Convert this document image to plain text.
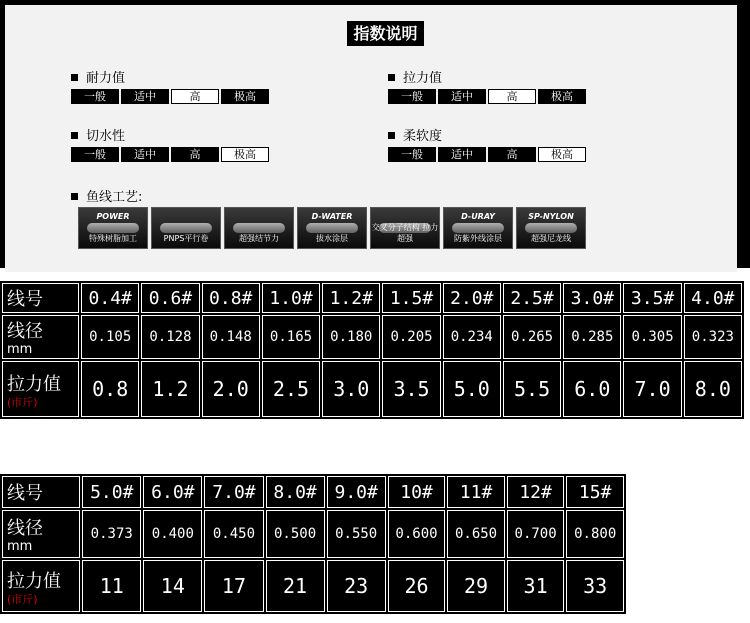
指数说明
耐力值
一般	适中	高	极高
拉力值
一般	适中	高	极高
切水性
一般	适中	高	极高
柔软度
一般	适中	高	极高
鱼线工艺:
POWER
特殊树脂加工	PNPS平行卷	超强结节力
D-WATER
拔水涂层
交叉分子结构 拉力超强
D-URAY
防紫外线涂层
SP-NYLON
超强尼龙线
线号	0.4#	0.6#	0.8#	1.0#	1.2#	1.5#	2.0#	2.5#	3.0#	3.5#	4.0#
线径
mm	0.105	0.128	0.148	0.165	0.180	0.205	0.234	0.265	0.285	0.305	0.323
拉力值
(市斤)	0.8	1.2	2.0	2.5	3.0	3.5	5.0	5.5	6.0	7.0	8.0
线号	5.0#	6.0#	7.0#	8.0#	9.0#	10#	11#	12#	15#
线径
mm	0.373	0.400	0.450	0.500	0.550	0.600	0.650	0.700	0.800
拉力值
(市斤)	11	14	17	21	23	26	29	31	33
